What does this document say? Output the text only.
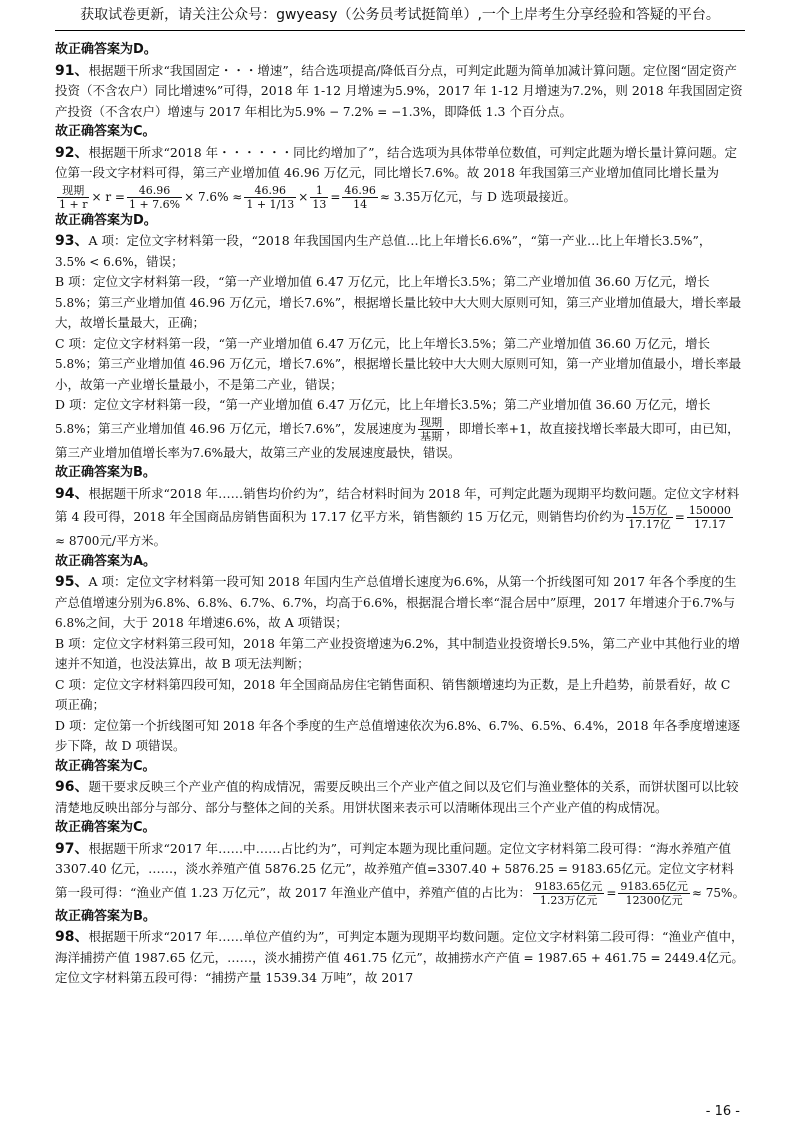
获取试卷更新，请关注公众号：gwyeasy（公务员考试挺简单）,一个上岸考生分享经验和答疑的平台。

故正确答案为D。

91、根据题干所求“我国固定・・・增速”，结合选项提高/降低百分点，可判定此题为简单加减计算问题。定位图“固定资产投资（不含农户）同比增速%”可得，2018 年 1-12 月增速为5.9%，2017 年 1-12 月增速为7.2%，则 2018 年我国固定资产投资（不含农户）增速与 2017 年相比为5.9% − 7.2% = −1.3%，即降低 1.3 个百分点。

故正确答案为C。

92、根据题干所求“2018 年・・・・・・同比约增加了”，结合选项为具体带单位数值，可判定此题为增长量计算问题。定位第一段文字材料可得，第三产业增加值 46.96 万亿元，同比增长7.6%。故 2018 年我国第三产业增加值同比增长量为
$\frac{\text{现期}}{1 + r} \times r = \frac{46.96}{1 + 7.6\%} \times 7.6\% \approx \frac{46.96}{1 + 1/13} \times \frac{1}{13} = \frac{46.96}{14} \approx 3.35$万亿元，与 D 选项最接近。

故正确答案为D。

93、A 项：定位文字材料第一段，“2018 年我国国内生产总值…比上年增长6.6%”，“第一产业…比上年增长3.5%”，3.5% < 6.6%，错误；

B 项：定位文字材料第一段，“第一产业增加值 6.47 万亿元，比上年增长3.5%；第二产业增加值 36.60 万亿元，增长5.8%；第三产业增加值 46.96 万亿元，增长7.6%”，根据增长量比较中大大则大原则可知，第三产业增加值最大，增长率最大，故增长量最大，正确；

C 项：定位文字材料第一段，“第一产业增加值 6.47 万亿元，比上年增长3.5%；第二产业增加值 36.60 万亿元，增长5.8%；第三产业增加值 46.96 万亿元，增长7.6%”，根据增长量比较中大大则大原则可知，第一产业增加值最小，增长率最小，故第一产业增长量最小，不是第二产业，错误；

D 项：定位文字材料第一段，“第一产业增加值 6.47 万亿元，比上年增长3.5%；第二产业增加值 36.60 万亿元，增长5.8%；第三产业增加值 46.96 万亿元，增长7.6%”，发展速度为 $\frac{\text{现期}}{\text{基期}}$ ，即增长率+1，故直接找增长率最大即可，由已知，第三产业增加值增长率为7.6%最大，故第三产业的发展速度最快，错误。

故正确答案为B。

94、根据题干所求“2018 年……销售均价约为”，结合材料时间为 2018 年，可判定此题为现期平均数问题。定位文字材料第 4 段可得，2018 年全国商品房销售面积为 17.17 亿平方米，销售额约 15 万亿元，则销售均价约为 $\frac{\text{15万亿}}{\text{17.17亿}} = \frac{150000}{17.17}$
≈ 8700元/平方米。

故正确答案为A。

95、A 项：定位文字材料第一段可知 2018 年国内生产总值增长速度为6.6%，从第一个折线图可知 2017 年各个季度的生产总值增速分别为6.8%、6.8%、6.7%、6.7%，均高于6.6%，根据混合增长率“混合居中”原理，2017 年增速介于6.7%与6.8%之间，大于 2018 年增速6.6%，故 A 项错误；

B 项：定位文字材料第三段可知，2018 年第二产业投资增速为6.2%，其中制造业投资增长9.5%，第二产业中其他行业的增速并不知道，也没法算出，故 B 项无法判断；

C 项：定位文字材料第四段可知，2018 年全国商品房住宅销售面积、销售额增速均为正数，是上升趋势，前景看好，故 C 项正确；

D 项：定位第一个折线图可知 2018 年各个季度的生产总值增速依次为6.8%、6.7%、6.5%、6.4%，2018 年各季度增速逐步下降，故 D 项错误。

故正确答案为C。

96、题干要求反映三个产业产值的构成情况，需要反映出三个产业产值之间以及它们与渔业整体的关系，而饼状图可以比较清楚地反映出部分与部分、部分与整体之间的关系。用饼状图来表示可以清晰体现出三个产业产值的构成情况。

故正确答案为C。

97、根据题干所求“2017 年……中……占比约为”，可判定本题为现比重问题。定位文字材料第二段可得：“海水养殖产值 3307.40 亿元，……，淡水养殖产值 5876.25 亿元”，故养殖产值=3307.40 + 5876.25 = 9183.65亿元。定位文字材料第一段可得：“渔业产值 1.23 万亿元”，故 2017 年渔业产值中，养殖产值的占比为： $\frac{\text{9183.65亿元}}{\text{1.23万亿元}} = \frac{\text{9183.65亿元}}{\text{12300亿元}} \approx 75\%$。

故正确答案为B。

98、根据题干所求“2017 年……单位产值约为”，可判定本题为现期平均数问题。定位文字材料第二段可得：“渔业产值中，海洋捕捞产值 1987.65 亿元，……，淡水捕捞产值 461.75 亿元”，故捕捞水产产值 = 1987.65 + 461.75 = 2449.4亿元。定位文字材料第五段可得：“捕捞产量 1539.34 万吨”，故 2017

- 16 -
